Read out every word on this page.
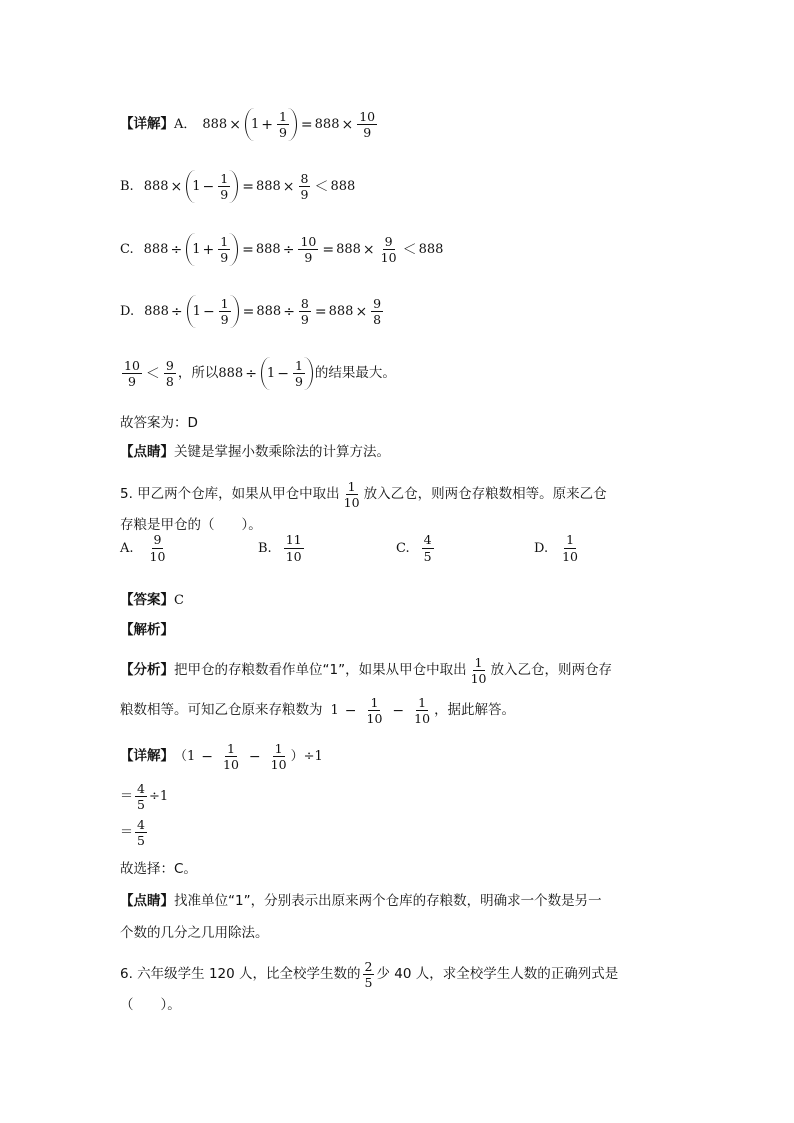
【详解】 A． $888 \times 1 + \frac{1}{9} = 888 \times \frac{10}{9}$
B. $888 \times 1 - \frac{1}{9} = 888 \times \frac{8}{9} < 888$
C. $888 \div 1 + \frac{1}{9} = 888 \div \frac{10}{9} = 888 \times \frac{9}{10} < 888$
D. $888 \div 1 - \frac{1}{9} = 888 \div \frac{8}{9} = 888 \times \frac{9}{8}$
$\frac{10}{9} < \frac{9}{8}$ ，所以 $888 \div 1 - \frac{1}{9}$ 的结果最大。
故答案为：D
【点睛】 关键是掌握小数乘除法的计算方法。
5. 甲乙两个仓库，如果从甲仓中取出 $\frac{1}{10}$ 放入乙仓，则两仓存粮数相等。原来乙仓
存粮是甲仓的（　　）。
A. $\frac{9}{10}$	B. $\frac{11}{10}$	C. $\frac{4}{5}$	D. $\frac{1}{10}$
【答案】 C
【解析】
【分析】 把甲仓的存粮数看作单位“1”，如果从甲仓中取出 $\frac{1}{10}$ 放入乙仓，则两仓存
粮数相等。可知乙仓原来存粮数为 $1 - \frac{1}{10} - \frac{1}{10}$ ，据此解答。
【详解】 $(1 - \frac{1}{10} - \frac{1}{10} )\div 1$
＝ $\frac{4}{5} \div 1$
＝ $\frac{4}{5}$
故选择：C。
【点睛】 找准单位“1”，分别表示出原来两个仓库的存粮数，明确求一个数是另一
个数的几分之几用除法。
6. 六年级学生 120 人，比全校学生数的 $\frac{2}{5}$ 少 40 人，求全校学生人数的正确列式是
（　　）。
